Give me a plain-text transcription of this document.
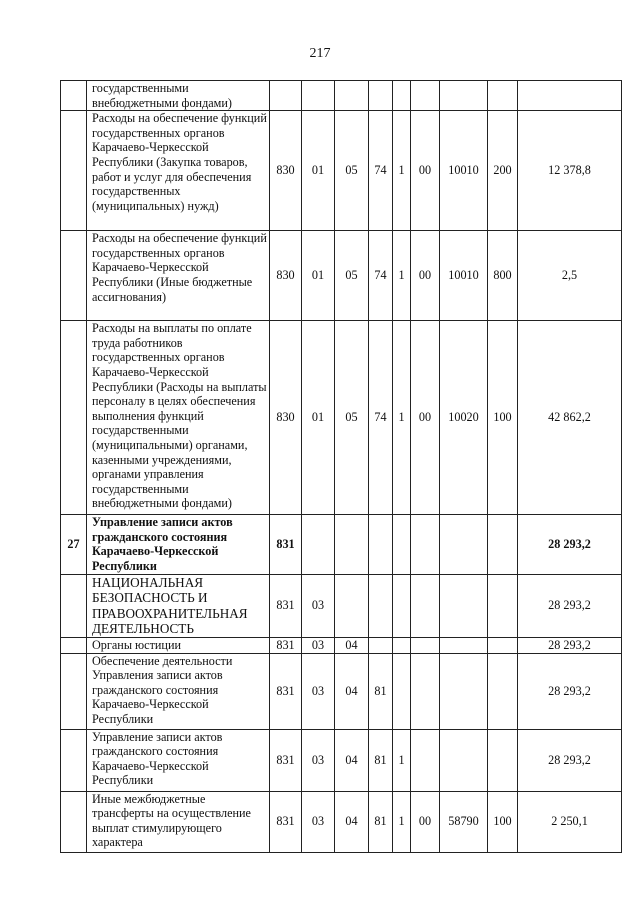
217
	государственными внебюджетными фондами)									
	Расходы на обеспечение функций государственных органов Карачаево-Черкесской Республики (Закупка товаров, работ и услуг для обеспечения государственных (муниципальных) нужд)	830	01	05	74	1	00	10010	200	12 378,8
	Расходы на обеспечение функций государственных органов Карачаево-Черкесской Республики (Иные бюджетные ассигнования)	830	01	05	74	1	00	10010	800	2,5
	Расходы на выплаты по оплате труда работников государственных органов Карачаево-Черкесской Республики (Расходы на выплаты персоналу в целях обеспечения выполнения функций государственными (муниципальными) органами, казенными учреждениями, органами управления государственными внебюджетными фондами)	830	01	05	74	1	00	10020	100	42 862,2
27	Управление записи актов гражданского состояния Карачаево-Черкесской Республики	831								28 293,2
	НАЦИОНАЛЬНАЯ БЕЗОПАСНОСТЬ И ПРАВООХРАНИТЕЛЬНАЯ ДЕЯТЕЛЬНОСТЬ	831	03							28 293,2
	Органы юстиции	831	03	04						28 293,2
	Обеспечение деятельности Управления записи актов гражданского состояния Карачаево-Черкесской Республики	831	03	04	81					28 293,2
	Управление записи актов гражданского состояния Карачаево-Черкесской Республики	831	03	04	81	1				28 293,2
	Иные межбюджетные трансферты на осуществление выплат стимулирующего характера	831	03	04	81	1	00	58790	100	2 250,1
